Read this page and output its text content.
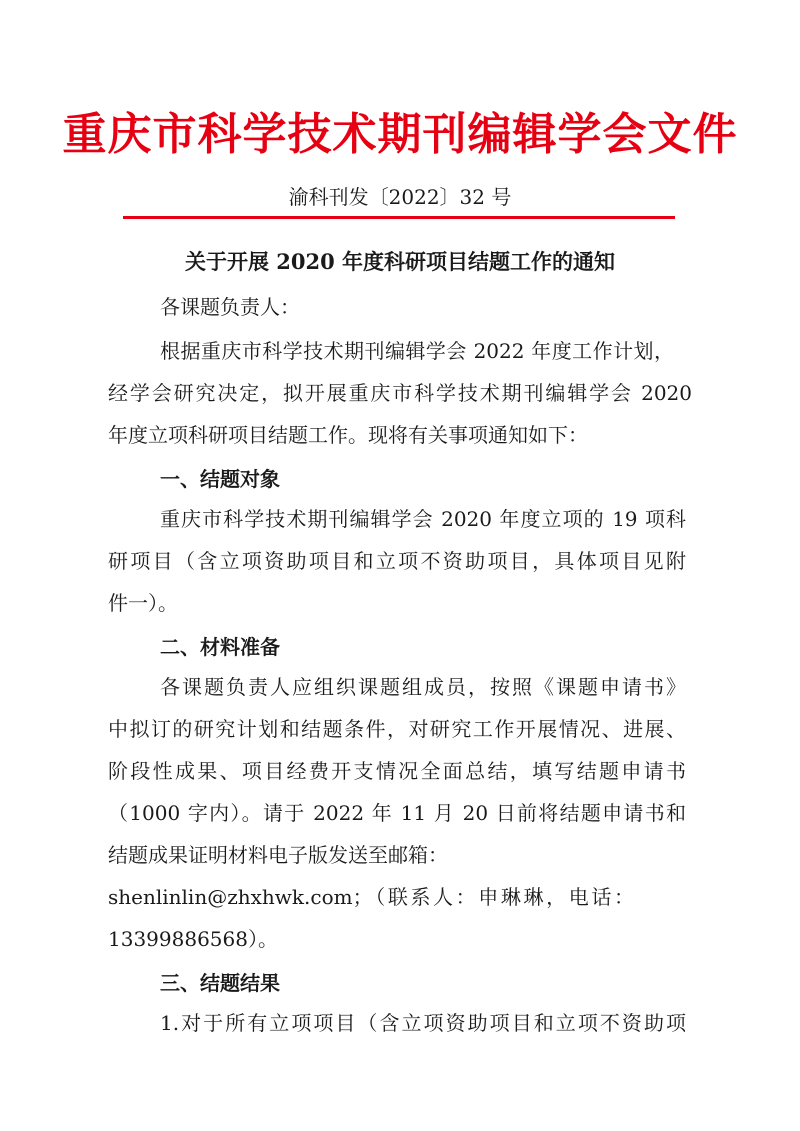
重庆市科学技术期刊编辑学会文件
渝科刊发〔2022〕32 号
关于开展 2020 年度科研项目结题工作的通知
各课题负责人：
根据重庆市科学技术期刊编辑学会 2022 年度工作计划，
经学会研究决定，拟开展重庆市科学技术期刊编辑学会 2020
年度立项科研项目结题工作。现将有关事项通知如下：
一、结题对象
重庆市科学技术期刊编辑学会 2020 年度立项的 19 项科
研项目（含立项资助项目和立项不资助项目，具体项目见附
件一）。
二、材料准备
各课题负责人应组织课题组成员，按照《课题申请书》
中拟订的研究计划和结题条件，对研究工作开展情况、进展、
阶段性成果、项目经费开支情况全面总结，填写结题申请书
（1000 字内）。请于 2022 年 11 月 20 日前将结题申请书和
结题成果证明材料电子版发送至邮箱：
shenlinlin@zhxhwk.com；（联系人：申琳琳，电话：
13399886568）。
三、结题结果
1.对于所有立项项目（含立项资助项目和立项不资助项
